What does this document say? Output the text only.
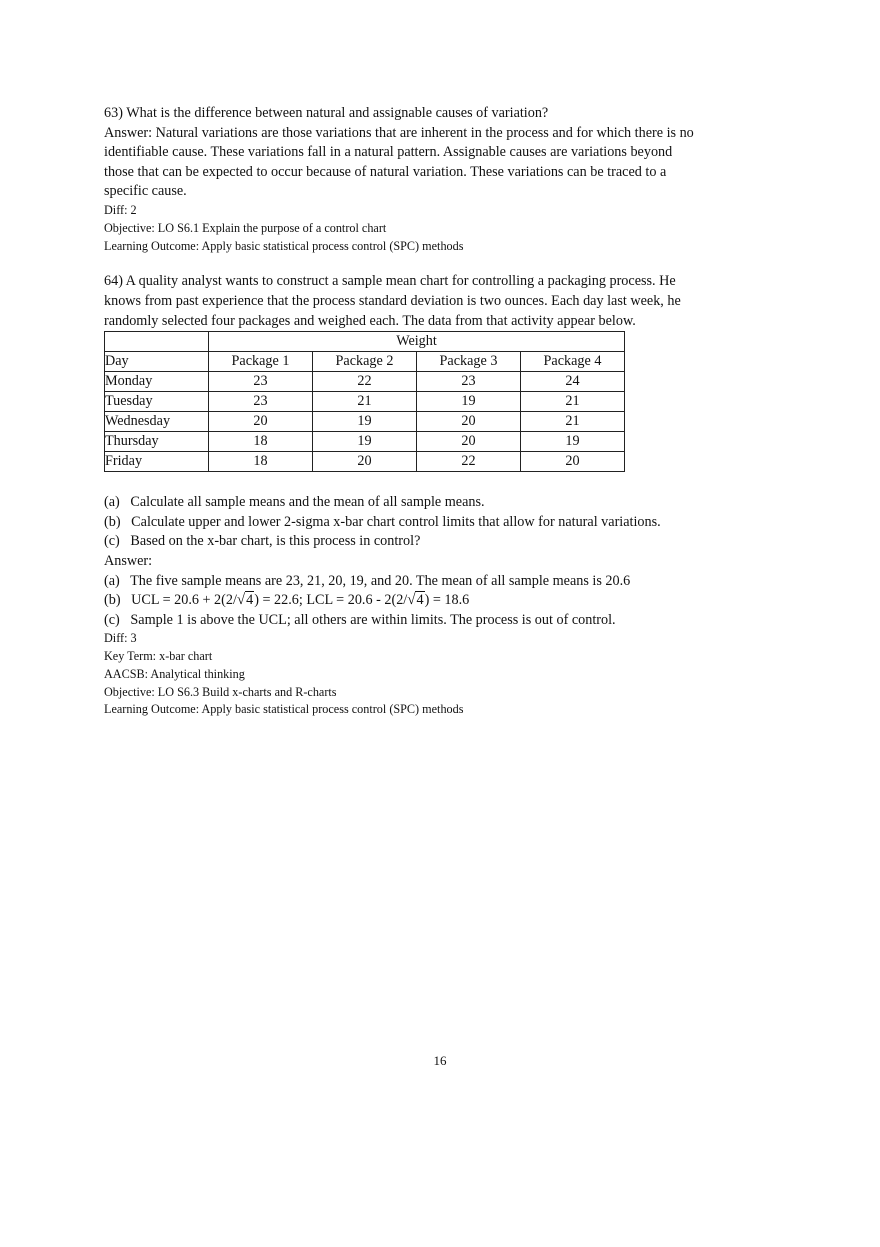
63) What is the difference between natural and assignable causes of variation?

Answer: Natural variations are those variations that are inherent in the process and for which there is no

identifiable cause. These variations fall in a natural pattern. Assignable causes are variations beyond

those that can be expected to occur because of natural variation. These variations can be traced to a

specific cause.

Diff: 2

Objective: LO S6.1 Explain the purpose of a control chart

Learning Outcome: Apply basic statistical process control (SPC) methods

64) A quality analyst wants to construct a sample mean chart for controlling a packaging process. He

knows from past experience that the process standard deviation is two ounces. Each day last week, he

randomly selected four packages and weighed each. The data from that activity appear below.

	Weight			
Day	Package 1	Package 2	Package 3	Package 4
Monday	23	22	23	24
Tuesday	23	21	19	21
Wednesday	20	19	20	21
Thursday	18	19	20	19
Friday	18	20	22	20

(a)   Calculate all sample means and the mean of all sample means.

(b)   Calculate upper and lower 2-sigma x-bar chart control limits that allow for natural variations.

(c)   Based on the x-bar chart, is this process in control?

Answer:

(a)   The five sample means are 23, 21, 20, 19, and 20. The mean of all sample means is 20.6

(b)   UCL = 20.6 + 2(2/√4) = 22.6; LCL = 20.6 - 2(2/√4) = 18.6

(c)   Sample 1 is above the UCL; all others are within limits. The process is out of control.

Diff: 3

Key Term: x-bar chart

AACSB: Analytical thinking

Objective: LO S6.3 Build x-charts and R-charts

Learning Outcome: Apply basic statistical process control (SPC) methods

16
